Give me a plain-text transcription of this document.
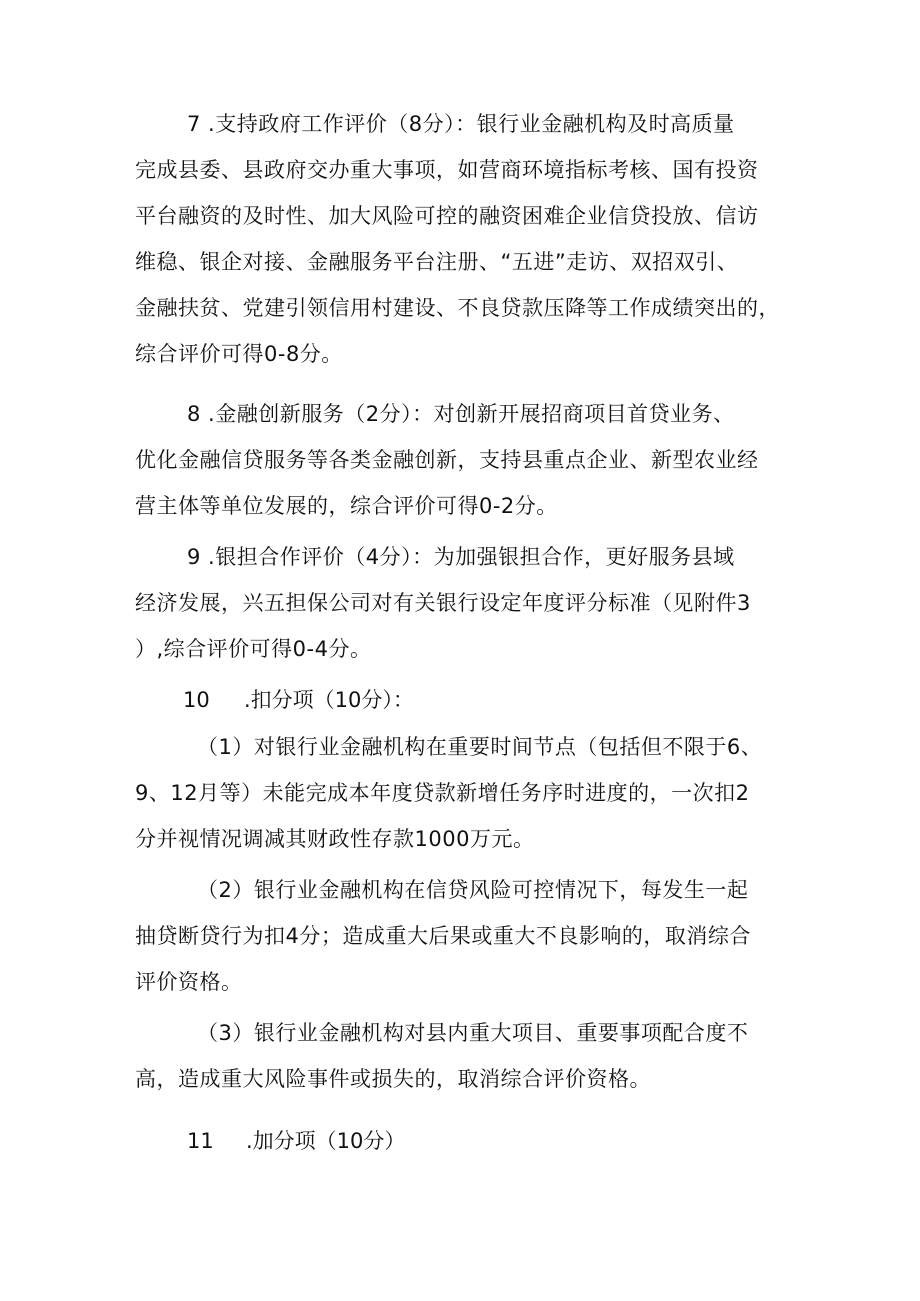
7 .支持政府工作评价（8分）：银行业金融机构及时高质量
完成县委、县政府交办重大事项，如营商环境指标考核、国有投资
平台融资的及时性、加大风险可控的融资困难企业信贷投放、信访
维稳、银企对接、金融服务平台注册、“五进”走访、双招双引、
金融扶贫、党建引领信用村建设、不良贷款压降等工作成绩突出的，
综合评价可得0-8分。
8 .金融创新服务（2分）：对创新开展招商项目首贷业务、
优化金融信贷服务等各类金融创新，支持县重点企业、新型农业经
营主体等单位发展的，综合评价可得0-2分。
9 .银担合作评价（4分）：为加强银担合作，更好服务县域
经济发展，兴五担保公司对有关银行设定年度评分标准（见附件3
）,综合评价可得0-4分。
10 .扣分项（10分）：
（1）对银行业金融机构在重要时间节点（包括但不限于6、
9、12月等）未能完成本年度贷款新增任务序时进度的，一次扣2
分并视情况调减其财政性存款1000万元。
（2）银行业金融机构在信贷风险可控情况下，每发生一起
抽贷断贷行为扣4分；造成重大后果或重大不良影响的，取消综合
评价资格。
（3）银行业金融机构对县内重大项目、重要事项配合度不
高，造成重大风险事件或损失的，取消综合评价资格。
11 .加分项（10分）
